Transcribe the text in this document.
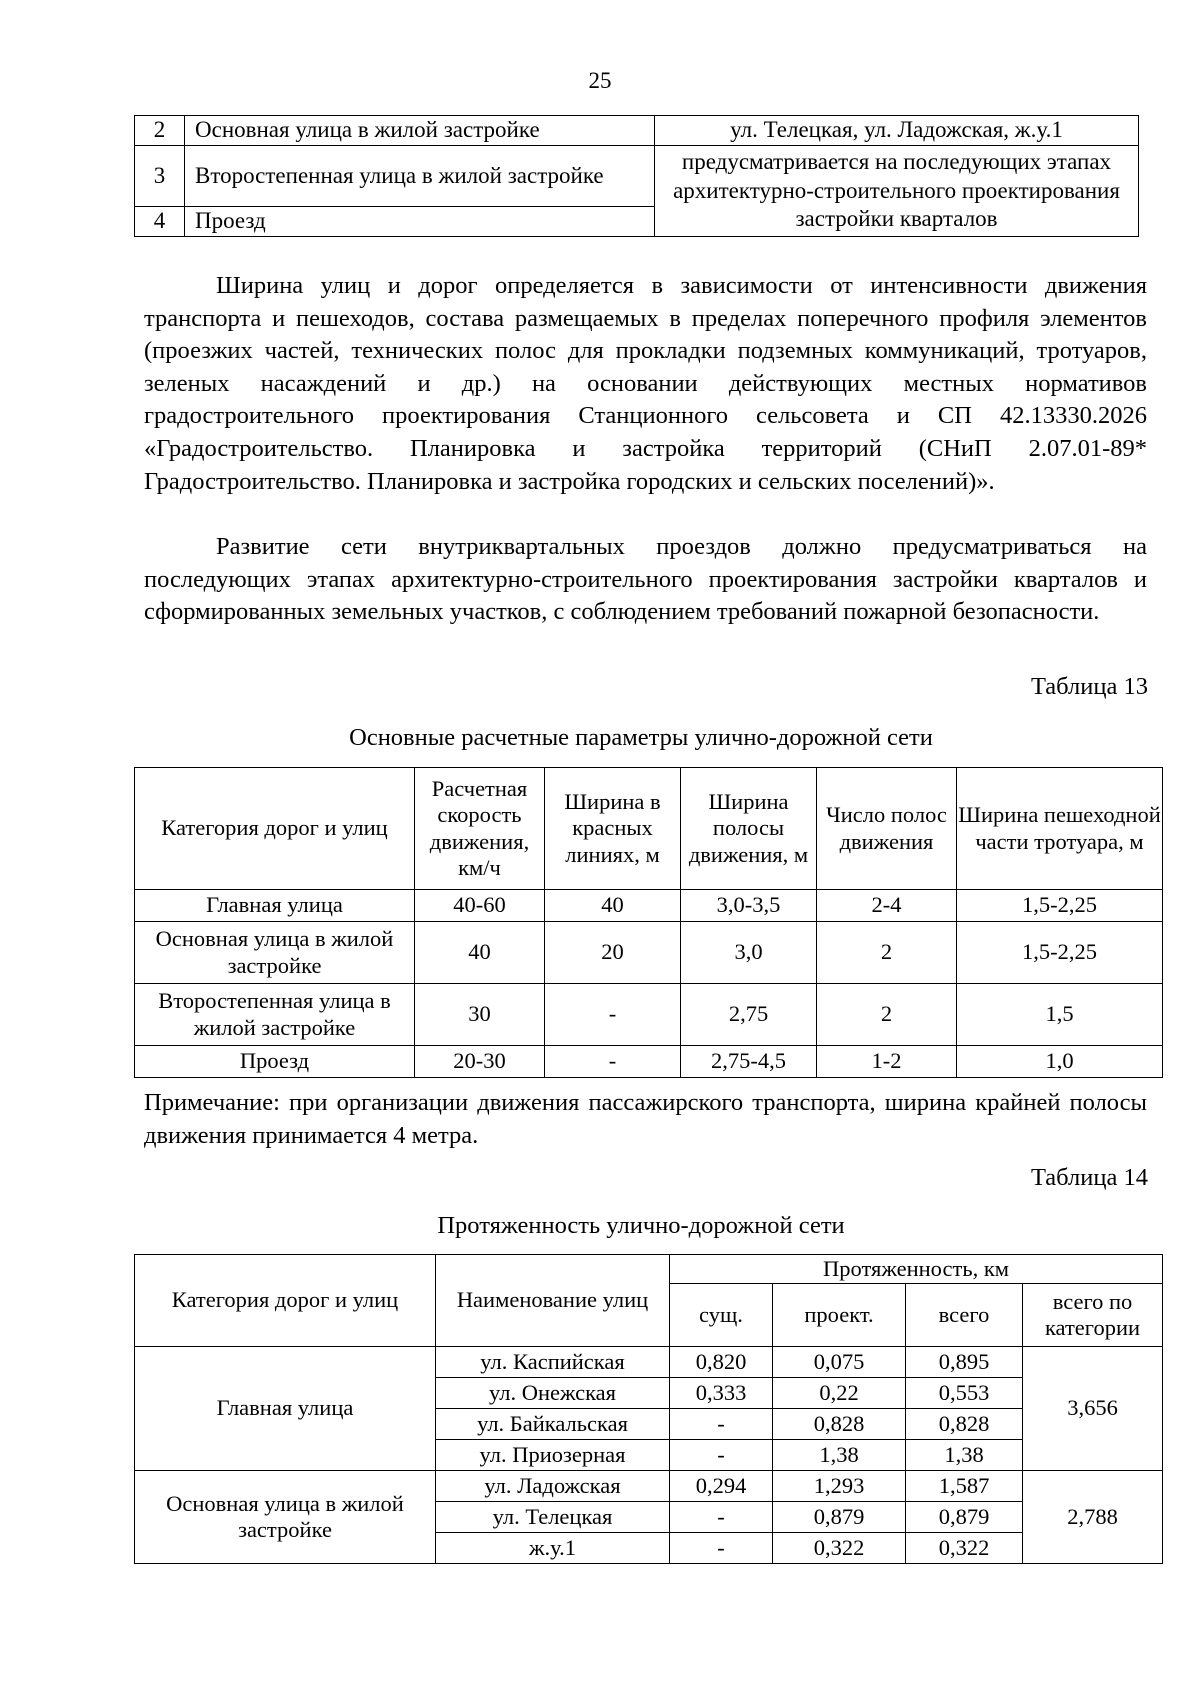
25
2	Основная улица в жилой застройке	ул. Телецкая, ул. Ладожская, ж.у.1
3	Второстепенная улица в жилой застройке	предусматривается на последующих этапах архитектурно-строительного проектирования застройки кварталов
4	Проезд	

Ширина улиц и дорог определяется в зависимости от интенсивности движения транспорта и пешеходов, состава размещаемых в пределах поперечного профиля элементов (проезжих частей, технических полос для прокладки подземных коммуникаций, тротуаров, зеленых насаждений и др.) на основании действующих местных нормативов градостроительного проектирования Станционного сельсовета и СП 42.13330.2026 «Градостроительство. Планировка и застройка территорий (СНиП 2.07.01-89* Градостроительство. Планировка и застройка городских и сельских поселений)».

Развитие сети внутриквартальных проездов должно предусматриваться на последующих этапах архитектурно-строительного проектирования застройки кварталов и сформированных земельных участков, с соблюдением требований пожарной безопасности.

Таблица 13
Основные расчетные параметры улично-дорожной сети
Категория дорог и улиц	Расчетная скорость движения, км/ч	Ширина в красных линиях, м	Ширина полосы движения, м	Число полос движения	Ширина пешеходной части тротуара, м
Главная улица	40-60	40	3,0-3,5	2-4	1,5-2,25
Основная улица в жилой застройке	40	20	3,0	2	1,5-2,25
Второстепенная улица в жилой застройке	30	-	2,75	2	1,5
Проезд	20-30	-	2,75-4,5	1-2	1,0

Примечание: при организации движения пассажирского транспорта, ширина крайней полосы движения принимается 4 метра.

Таблица 14
Протяженность улично-дорожной сети
Категория дорог и улиц	Наименование улиц	Протяженность, км			
		сущ.	проект.	всего	всего по категории
Главная улица	ул. Каспийская	0,820	0,075	0,895	3,656
	ул. Онежская	0,333	0,22	0,553	
	ул. Байкальская	-	0,828	0,828	
	ул. Приозерная	-	1,38	1,38	
Основная улица в жилой застройке	ул. Ладожская	0,294	1,293	1,587	2,788
	ул. Телецкая	-	0,879	0,879	
	ж.у.1	-	0,322	0,322	
